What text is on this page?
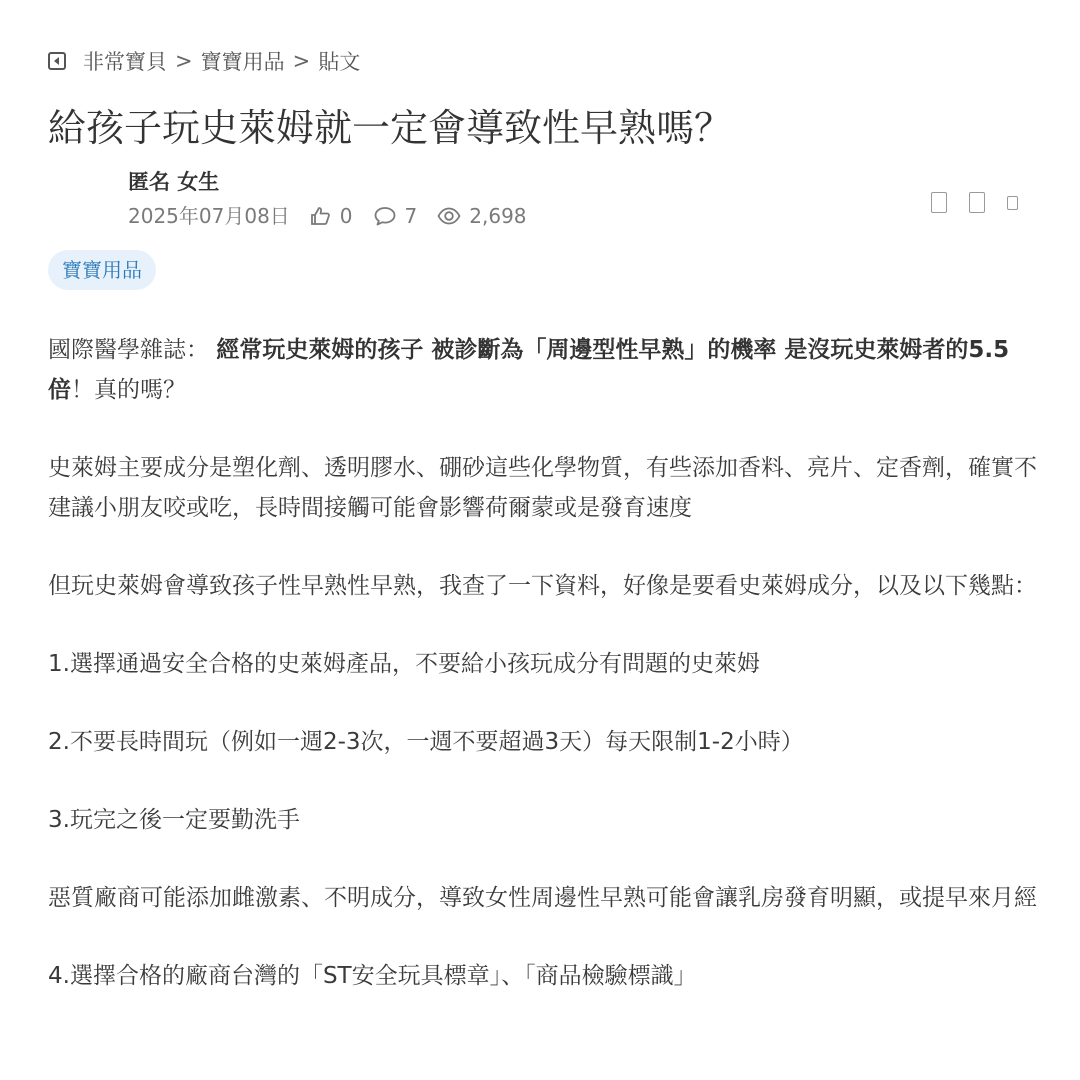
非常寶貝 > 寶寶用品 > 貼文
給孩子玩史萊姆就一定會導致性早熟嗎？
匿名 女生
2025年07月08日	0	7	2,698
寶寶用品

國際醫學雜誌： 經常玩史萊姆的孩子 被診斷為「周邊型性早熟」的機率 是沒玩史萊姆者的5.5 倍！真的嗎？

史萊姆主要成分是塑化劑、透明膠水、硼砂這些化學物質，有些添加香料、亮片、定香劑，確實不建議小朋友咬或吃，長時間接觸可能會影響荷爾蒙或是發育速度

但玩史萊姆會導致孩子性早熟性早熟，我查了一下資料，好像是要看史萊姆成分，以及以下幾點：

1.選擇通過安全合格的史萊姆產品，不要給小孩玩成分有問題的史萊姆

2.不要長時間玩（例如一週2-3次，一週不要超過3天）每天限制1-2小時）

3.玩完之後一定要勤洗手

惡質廠商可能添加雌激素、不明成分，導致女性周邊性早熟可能會讓乳房發育明顯，或提早來月經

4.選擇合格的廠商台灣的「ST安全玩具標章」、「商品檢驗標識」
